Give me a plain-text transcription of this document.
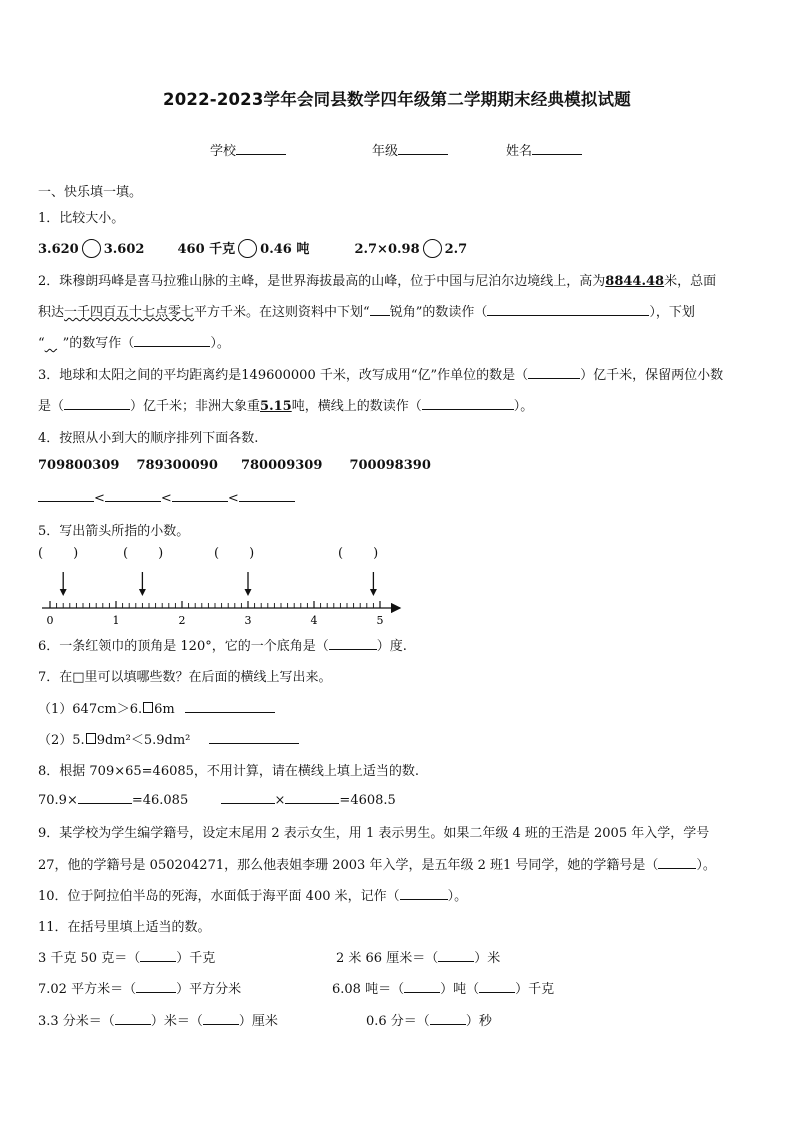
2022-2023学年会同县数学四年级第二学期期末经典模拟试题
学校	年级	姓名
一、快乐填一填。
1．比较大小。
3.620 3.602	460 千克 0.46 吨	2.7×0.98 2.7
2．珠穆朗玛峰是喜马拉雅山脉的主峰，是世界海拔最高的山峰，位于中国与尼泊尔边境线上，高为8844.48米，总面
积达一千四百五十七点零七平方千米。在这则资料中下划“ 锐角”的数读作（	），下划
“ ”的数写作（	）。
3．地球和太阳之间的平均距离约是149600000 千米，改写成用“亿”作单位的数是（	）亿千米，保留两位小数
是（	）亿千米；非洲大象重5.15吨，横线上的数读作（	）。
4．按照从小到大的顺序排列下面各数.
709800309 789300090 780009309 700098390
<	<	<
5．写出箭头所指的小数。
( )	( )	( )	( )
0	1	2	3	4	5
6．一条红领巾的顶角是 120°，它的一个底角是（	）度.
7．在□里可以填哪些数？在后面的横线上写出来。
（1）647cm＞6. 6m
（2）5. 9dm²＜5.9dm²
8．根据 709×65=46085，不用计算，请在横线上填上适当的数.
70.9×	=46.085	×	=4608.5
9．某学校为学生编学籍号，设定末尾用 2 表示女生，用 1 表示男生。如果二年级 4 班的王浩是 2005 年入学，学号
27，他的学籍号是 050204271，那么他表姐李珊 2003 年入学，是五年级 2 班1 号同学，她的学籍号是（	）。
10．位于阿拉伯半岛的死海，水面低于海平面 400 米，记作（	）。
11．在括号里填上适当的数。
3 千克 50 克＝（	）千克	2 米 66 厘米＝（	）米
7.02 平方米＝（	）平方分米	6.08 吨＝（	）吨（	）千克
3.3 分米＝（	）米＝（	）厘米	0.6 分＝（	）秒
